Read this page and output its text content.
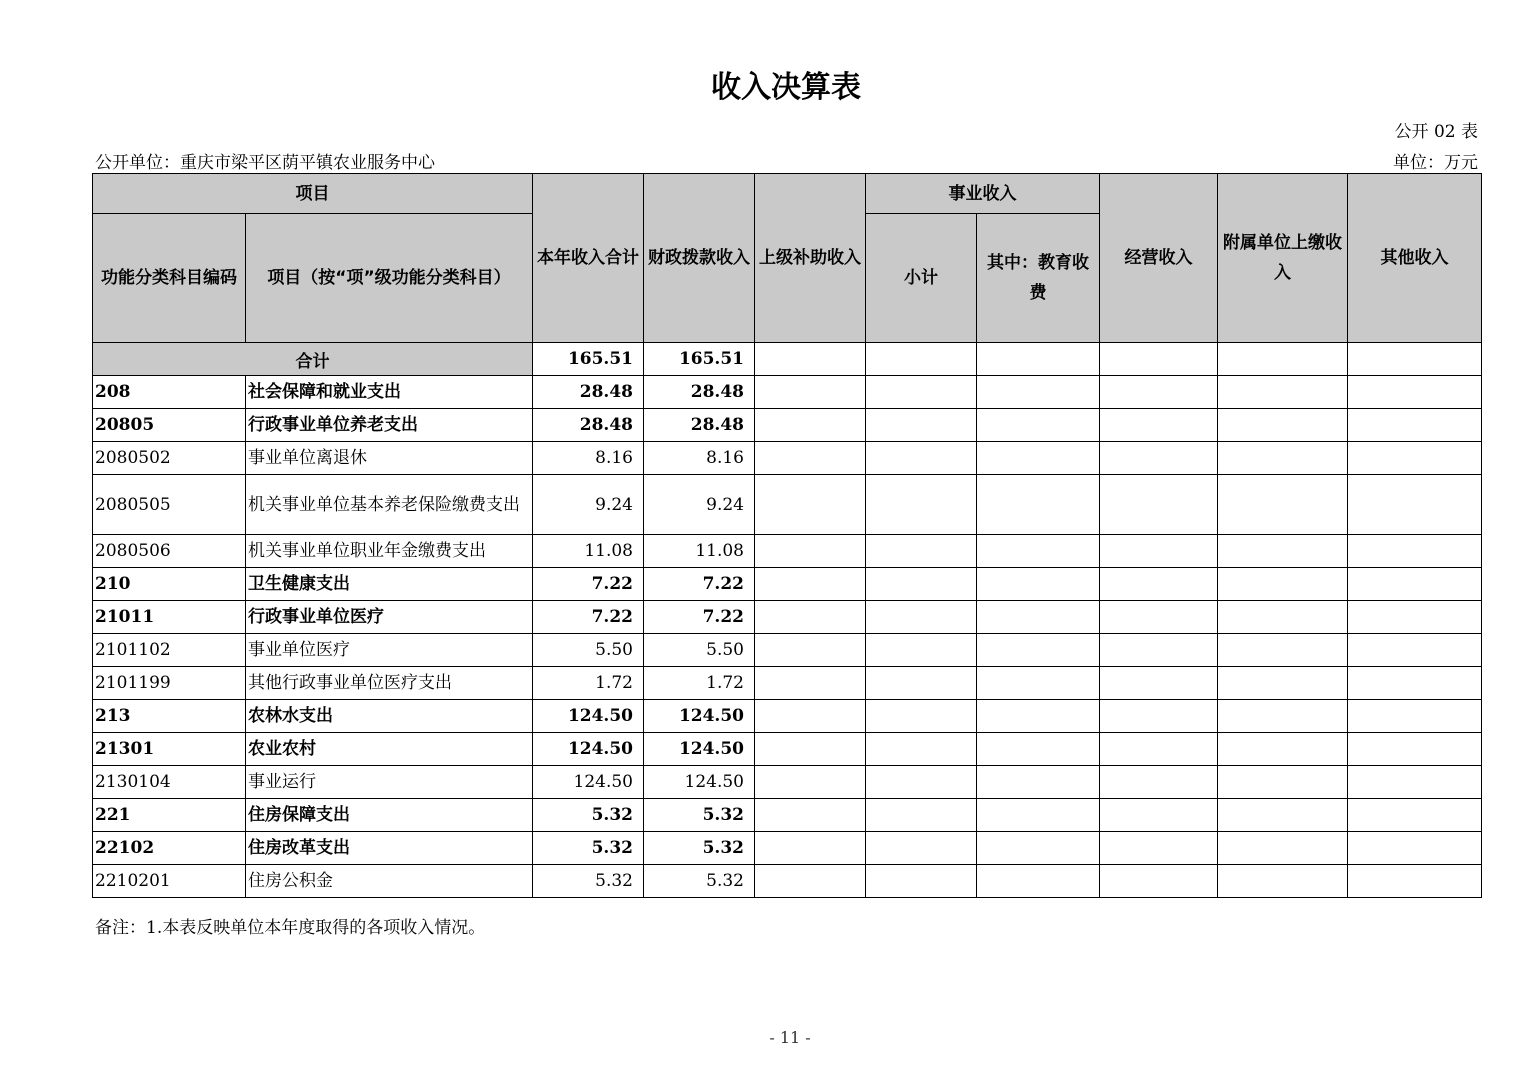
收入决算表
公开 02 表
公开单位：重庆市梁平区荫平镇农业服务中心	单位：万元
项目		本年收入合计	财政拨款收入	上级补助收入	事业收入		经营收入	附属单位上缴收入	其他收入
功能分类科目编码	项目（按“项”级功能分类科目）				小计	其中：教育收费			
合计		165.51	165.51						
208	社会保障和就业支出	28.48	28.48						
20805	行政事业单位养老支出	28.48	28.48						
2080502	事业单位离退休	8.16	8.16						
2080505	机关事业单位基本养老保险缴费支出	9.24	9.24						
2080506	机关事业单位职业年金缴费支出	11.08	11.08						
210	卫生健康支出	7.22	7.22						
21011	行政事业单位医疗	7.22	7.22						
2101102	事业单位医疗	5.50	5.50						
2101199	其他行政事业单位医疗支出	1.72	1.72						
213	农林水支出	124.50	124.50						
21301	农业农村	124.50	124.50						
2130104	事业运行	124.50	124.50						
221	住房保障支出	5.32	5.32						
22102	住房改革支出	5.32	5.32						
2210201	住房公积金	5.32	5.32						
备注：1.本表反映单位本年度取得的各项收入情况。
- 11 -
